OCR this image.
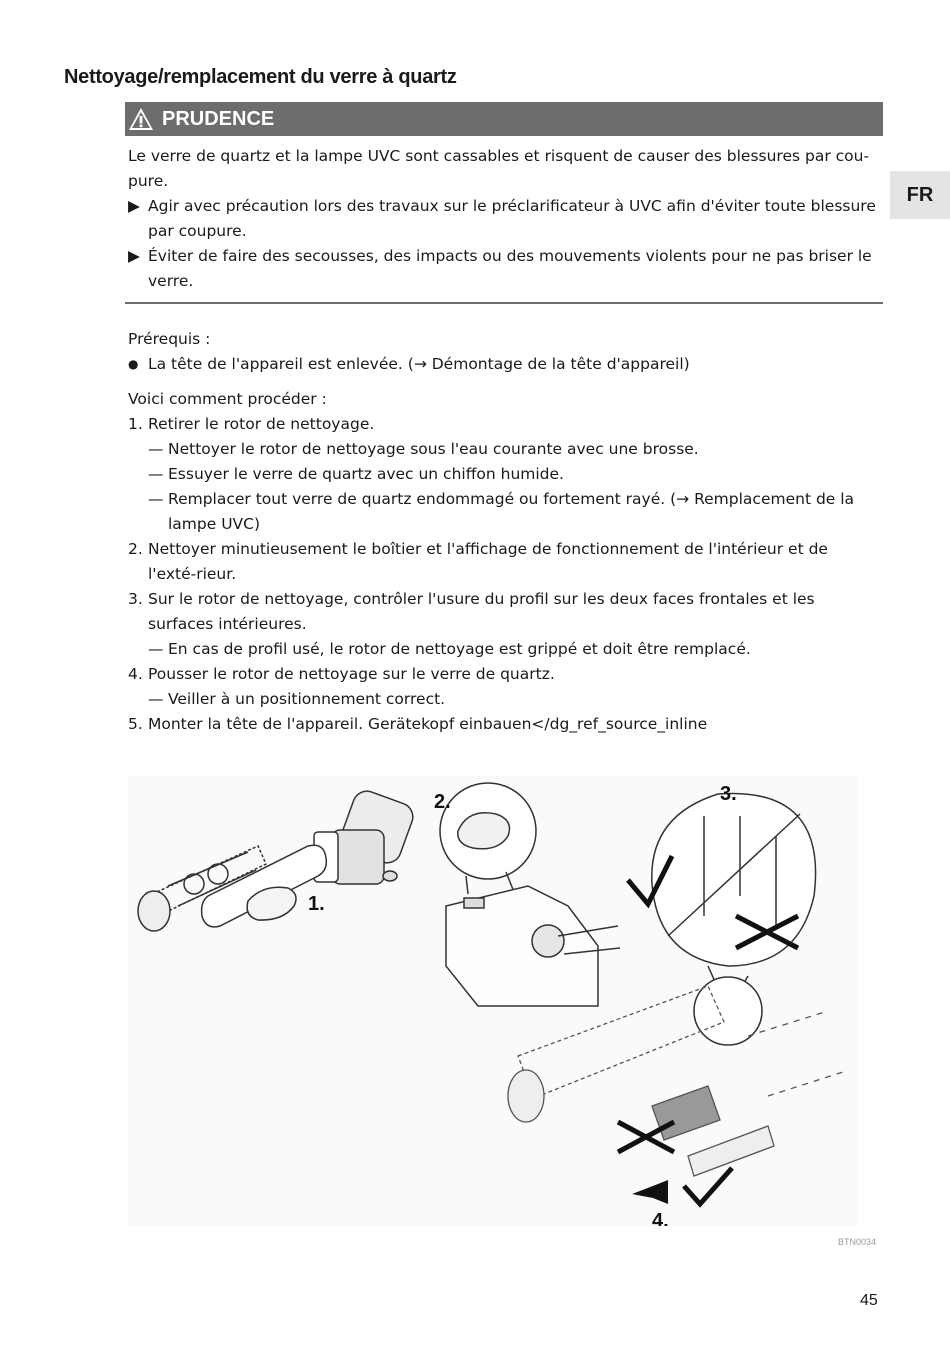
Nettoyage/remplacement du verre à quartz
FR
PRUDENCE
Le verre de quartz et la lampe UVC sont cassables et risquent de causer des blessures par cou-pure.
▶ Agir avec précaution lors des travaux sur le préclarificateur à UVC afin d'éviter toute blessure par coupure.
▶ Éviter de faire des secousses, des impacts ou des mouvements violents pour ne pas briser le verre.
Prérequis :
● La tête de l'appareil est enlevée. (→ Démontage de la tête d'appareil)
Voici comment procéder :
1. Retirer le rotor de nettoyage.
— Nettoyer le rotor de nettoyage sous l'eau courante avec une brosse.
— Essuyer le verre de quartz avec un chiffon humide.
— Remplacer tout verre de quartz endommagé ou fortement rayé. (→ Remplacement de la lampe UVC)
2. Nettoyer minutieusement le boîtier et l'affichage de fonctionnement de l'intérieur et de l'exté-rieur.
3. Sur le rotor de nettoyage, contrôler l'usure du profil sur les deux faces frontales et les surfaces intérieures.
— En cas de profil usé, le rotor de nettoyage est grippé et doit être remplacé.
4. Pousser le rotor de nettoyage sur le verre de quartz.
— Veiller à un positionnement correct.
5. Monter la tête de l'appareil. Gerätekopf einbauen</dg_ref_source_inline
1.
2.	3.
4.
BTN0034
45
